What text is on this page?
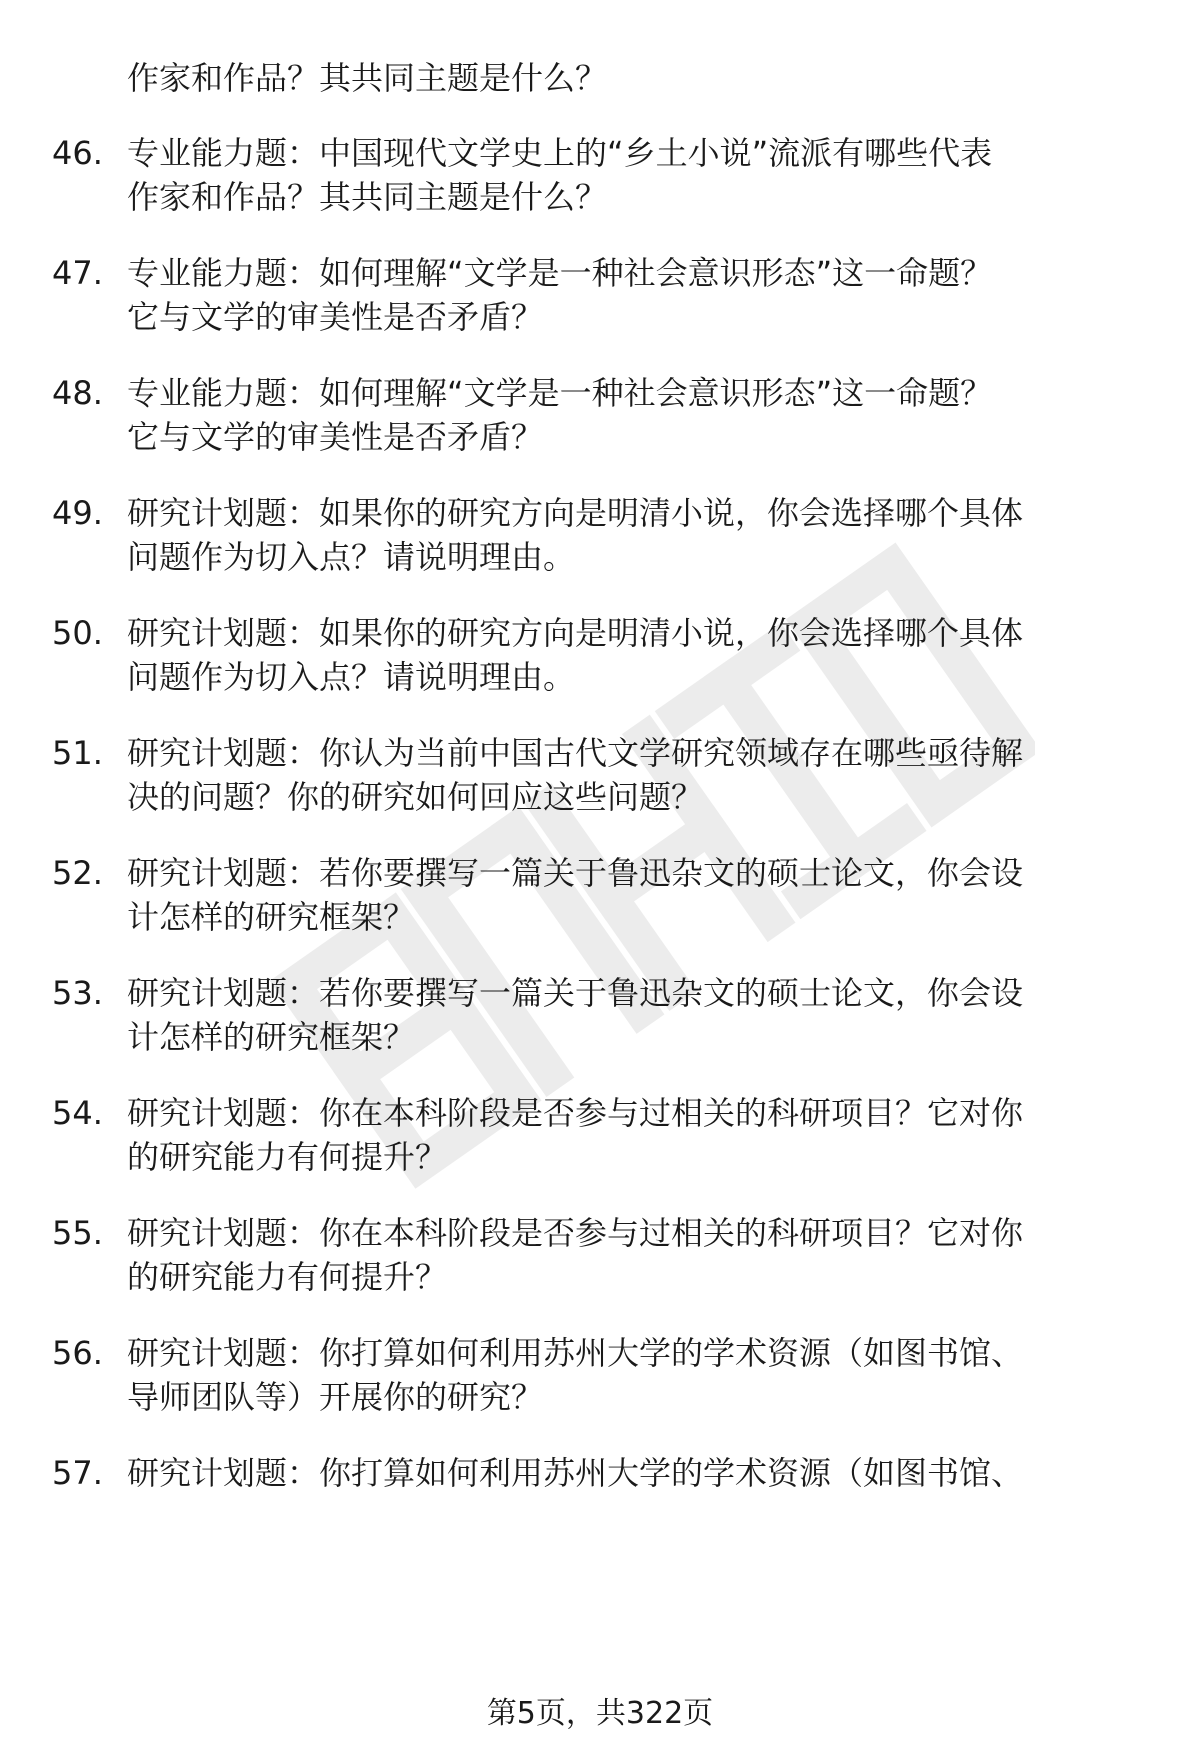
作家和作品？其共同主题是什么？
46. 专业能力题：中国现代文学史上的“乡土小说”流派有哪些代表
作家和作品？其共同主题是什么？
47. 专业能力题：如何理解“文学是一种社会意识形态”这一命题？
它与文学的审美性是否矛盾？
48. 专业能力题：如何理解“文学是一种社会意识形态”这一命题？
它与文学的审美性是否矛盾？
49. 研究计划题：如果你的研究方向是明清小说，你会选择哪个具体
问题作为切入点？请说明理由。
50. 研究计划题：如果你的研究方向是明清小说，你会选择哪个具体
问题作为切入点？请说明理由。
51. 研究计划题：你认为当前中国古代文学研究领域存在哪些亟待解
决的问题？你的研究如何回应这些问题？
52. 研究计划题：若你要撰写一篇关于鲁迅杂文的硕士论文，你会设
计怎样的研究框架？
53. 研究计划题：若你要撰写一篇关于鲁迅杂文的硕士论文，你会设
计怎样的研究框架？
54. 研究计划题：你在本科阶段是否参与过相关的科研项目？它对你
的研究能力有何提升？
55. 研究计划题：你在本科阶段是否参与过相关的科研项目？它对你
的研究能力有何提升？
56. 研究计划题：你打算如何利用苏州大学的学术资源（如图书馆、
导师团队等）开展你的研究？
57. 研究计划题：你打算如何利用苏州大学的学术资源（如图书馆、
第5页，共322页
